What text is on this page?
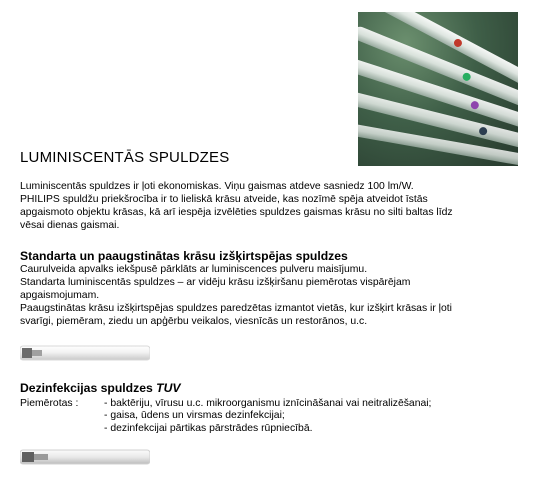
LUMINISCENTĀS SPULDZES

Luminiscentās spuldzes ir ļoti ekonomiskas. Viņu gaismas atdeve sasniedz 100 lm/W.

PHILIPS spuldžu priekšrocība ir to lieliskā krāsu atveide, kas nozīmē spēja atveidot īstās

apgaismoto objektu krāsas, kā arī iespēja izvēlēties spuldzes gaismas krāsu no silti baltas līdz

vēsai dienas gaismai.

Standarta un paaugstinātas krāsu izšķirtspējas spuldzes

Caurulveida apvalks iekšpusē pārklāts ar luminiscences pulveru maisījumu.

Standarta luminiscentās spuldzes – ar vidēju krāsu izšķiršanu piemērotas vispārējam

apgaismojumam.

Paaugstinātas krāsu izšķirtspējas spuldzes paredzētas izmantot vietās, kur izšķirt krāsas ir ļoti

svarīgi, piemēram, ziedu un apģērbu veikalos, viesnīcās un restorānos, u.c.

Dezinfekcijas spuldzes TUV
Piemērotas :	- baktēriju, vīrusu u.c. mikroorganismu iznīcināšanai vai neitralizēšanai;
- gaisa, ūdens un virsmas dezinfekcijai;
- dezinfekcijai pārtikas pārstrādes rūpniecībā.
